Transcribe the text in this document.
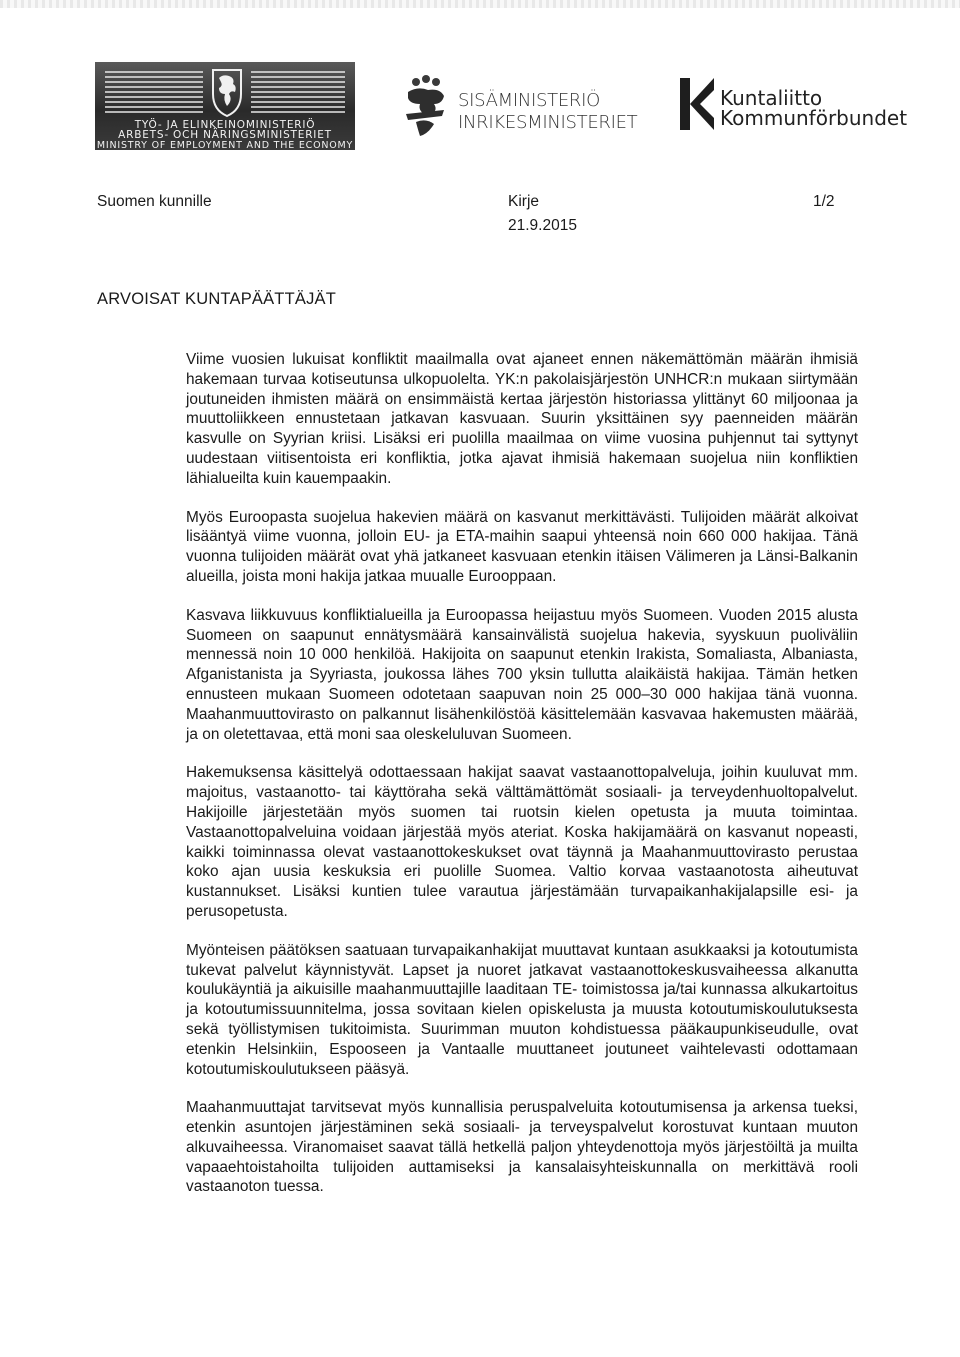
TYÖ- JA ELINKEINOMINISTERIÖ
ARBETS- OCH NÄRINGSMINISTERIET
MINISTRY OF EMPLOYMENT AND THE ECONOMY
SISÄMINISTERIÖ
INRIKESMINISTERIET
Kuntaliitto
Kommunförbundet
Suomen kunnille	Kirje
21.9.2015
1/2
ARVOISAT KUNTAPÄÄTTÄJÄT

Viime vuosien lukuisat konfliktit maailmalla ovat ajaneet ennen näkemättömän määrän ihmisiä hakemaan turvaa kotiseutunsa ulkopuolelta. YK:n pakolaisjärjestön UNHCR:n mukaan siirtymään joutuneiden ihmisten määrä on ensimmäistä kertaa järjestön historiassa ylittänyt 60 miljoonaa ja muuttoliikkeen ennustetaan jatkavan kasvuaan. Suurin yksittäinen syy paenneiden määrän kasvulle on Syyrian kriisi. Lisäksi eri puolilla maailmaa on viime vuosina puhjennut tai syttynyt uudestaan viitisentoista eri konfliktia, jotka ajavat ihmisiä hakemaan suojelua niin konfliktien lähialueilta kuin kauempaakin.

Myös Euroopasta suojelua hakevien määrä on kasvanut merkittävästi. Tulijoiden määrät alkoivat lisääntyä viime vuonna, jolloin EU- ja ETA-maihin saapui yhteensä noin 660 000 hakijaa. Tänä vuonna tulijoiden määrät ovat yhä jatkaneet kasvuaan etenkin itäisen Välimeren ja Länsi-Balkanin alueilla, joista moni hakija jatkaa muualle Eurooppaan.

Kasvava liikkuvuus konfliktialueilla ja Euroopassa heijastuu myös Suomeen. Vuoden 2015 alusta Suomeen on saapunut ennätysmäärä kansainvälistä suojelua hakevia, syyskuun puoliväliin mennessä noin 10 000 henkilöä. Hakijoita on saapunut etenkin Irakista, Somaliasta, Albaniasta, Afganistanista ja Syyriasta, joukossa lähes 700 yksin tullutta alaikäistä hakijaa. Tämän hetken ennusteen mukaan Suomeen odotetaan saapuvan noin 25 000–30 000 hakijaa tänä vuonna. Maahanmuuttovirasto on palkannut lisähenkilöstöä käsittelemään kasvavaa hakemusten määrää, ja on oletettavaa, että moni saa oleskeluluvan Suomeen.

Hakemuksensa käsittelyä odottaessaan hakijat saavat vastaanottopalveluja, joihin kuuluvat mm. majoitus, vastaanotto- tai käyttöraha sekä välttämättömät sosiaali- ja terveydenhuoltopalvelut. Hakijoille järjestetään myös suomen tai ruotsin kielen opetusta ja muuta toimintaa. Vastaanottopalveluina voidaan järjestää myös ateriat. Koska hakijamäärä on kasvanut nopeasti, kaikki toiminnassa olevat vastaanottokeskukset ovat täynnä ja Maahanmuuttovirasto perustaa koko ajan uusia keskuksia eri puolille Suomea. Valtio korvaa vastaanotosta aiheutuvat kustannukset. Lisäksi kuntien tulee varautua järjestämään turvapaikanhakijalapsille esi- ja perusopetusta.

Myönteisen päätöksen saatuaan turvapaikanhakijat muuttavat kuntaan asukkaaksi ja kotoutumista tukevat palvelut käynnistyvät. Lapset ja nuoret jatkavat vastaanottokeskusvaiheessa alkanutta koulukäyntiä ja aikuisille maahanmuuttajille laaditaan TE- toimistossa ja/tai kunnassa alkukartoitus ja kotoutumissuunnitelma, jossa sovitaan kielen opiskelusta ja muusta kotoutumiskoulutuksesta sekä työllistymisen tukitoimista. Suurimman muuton kohdistuessa pääkaupunkiseudulle, ovat etenkin Helsinkiin, Espooseen ja Vantaalle muuttaneet joutuneet vaihtelevasti odottamaan kotoutumiskoulutukseen pääsyä.

Maahanmuuttajat tarvitsevat myös kunnallisia peruspalveluita kotoutumisensa ja arkensa tueksi, etenkin asuntojen järjestäminen sekä sosiaali- ja terveyspalvelut korostuvat kuntaan muuton alkuvaiheessa. Viranomaiset saavat tällä hetkellä paljon yhteydenottoja myös järjestöiltä ja muilta vapaaehtoistahoilta tulijoiden auttamiseksi ja kansalaisyhteiskunnalla on merkittävä rooli vastaanoton tuessa.
